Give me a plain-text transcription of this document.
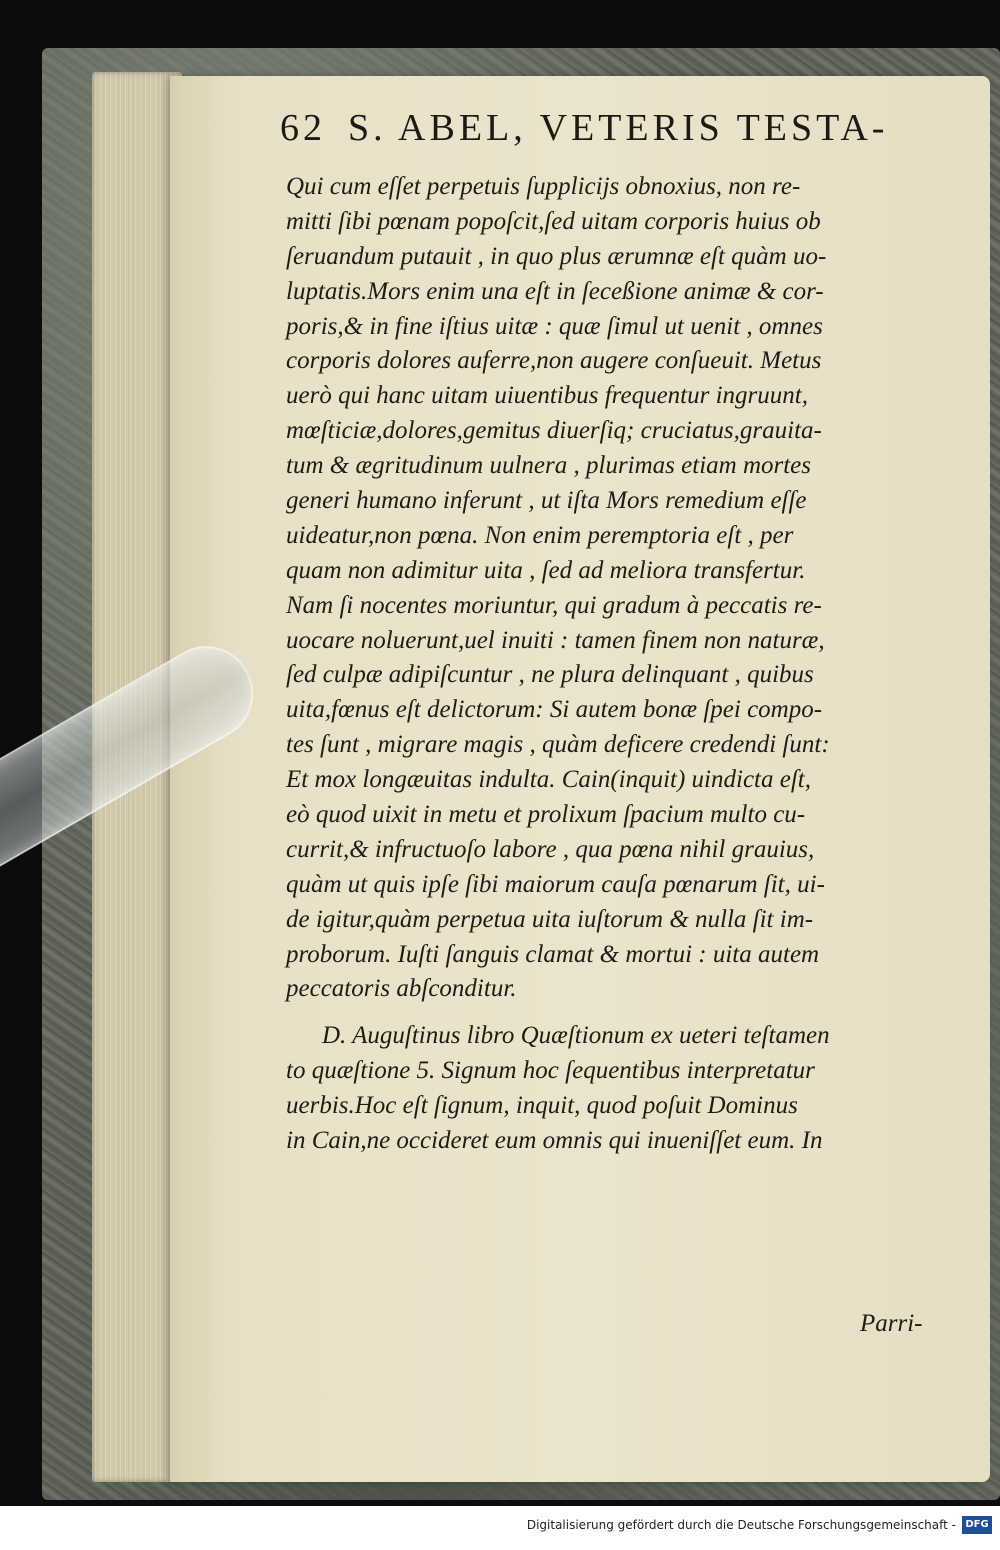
62 S. ABEL, VETERIS TESTA-
Qui cum eſſet perpetuis ſupplicijs obnoxius, non re-
mitti ſibi pœnam popoſcit,ſed uitam corporis huius ob
ſeruandum putauit , in quo plus ærumnæ eſt quàm uo-
luptatis.Mors enim una eſt in ſeceßione animæ & cor-
poris,& in fine iſtius uitæ : quæ ſimul ut uenit , omnes
corporis dolores auferre,non augere conſueuit. Metus
uerò qui hanc uitam uiuentibus frequentur ingruunt,
mœſticiæ,dolores,gemitus diuerſiq; cruciatus,grauita-
tum & ægritudinum uulnera , plurimas etiam mortes
generi humano inferunt , ut iſta Mors remedium eſſe
uideatur,non pœna. Non enim peremptoria eſt , per
quam non adimitur uita , ſed ad meliora transfertur.
Nam ſi nocentes moriuntur, qui gradum à peccatis re-
uocare noluerunt,uel inuiti : tamen finem non naturæ,
ſed culpæ adipiſcuntur , ne plura delinquant , quibus
uita,fœnus eſt delictorum: Si autem bonæ ſpei compo-
tes ſunt , migrare magis , quàm deficere credendi ſunt:
Et mox longæuitas indulta. Cain(inquit) uindicta eſt,
eò quod uixit in metu et prolixum ſpacium multo cu-
currit,& infructuoſo labore , qua pœna nihil grauius,
quàm ut quis ipſe ſibi maiorum cauſa pœnarum ſit, ui-
de igitur,quàm perpetua uita iuſtorum & nulla ſit im-
proborum. Iuſti ſanguis clamat & mortui : uita autem
peccatoris abſconditur.
D. Auguſtinus libro Quæſtionum ex ueteri teſtamen
to quæſtione 5. Signum hoc ſequentibus interpretatur
uerbis.Hoc eſt ſignum, inquit, quod poſuit Dominus
in Cain,ne occideret eum omnis qui inueniſſet eum. In
Parri-
Digitalisierung gefördert durch die Deutsche Forschungsgemeinschaft - DFG
